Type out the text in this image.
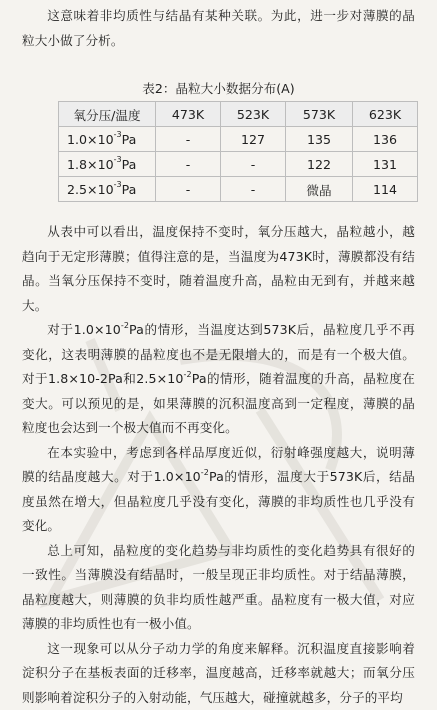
这意味着非均质性与结晶有某种关联。为此，进一步对薄膜的晶粒大小做了分析。

表2：晶粒大小数据分布(A)
氧分压/温度	473K	523K	573K	623K
$1.0\times 10^{-3}Pa$	-	127	135	136
$1.8\times 10^{-3}Pa$	-	-	122	131
$2.5\times 10^{-3}Pa$	-	-	微晶	114

从表中可以看出，温度保持不变时，氧分压越大，晶粒越小，越趋向于无定形薄膜；值得注意的是，当温度为473K时，薄膜都没有结晶。当氧分压保持不变时，随着温度升高，晶粒由无到有，并越来越大。

对于$1.0\times 10^{-2}Pa$的情形，当温度达到573K后，晶粒度几乎不再变化，这表明薄膜的晶粒度也不是无限增大的，而是有一个极大值。对于1.8×10-2Pa和$2.5\times 10^{-2}Pa$的情形，随着温度的升高，晶粒度在变大。可以预见的是，如果薄膜的沉积温度高到一定程度，薄膜的晶粒度也会达到一个极大值而不再变化。

在本实验中，考虑到各样品厚度近似，衍射峰强度越大，说明薄膜的结晶度越大。对于$1.0\times 10^{-2}Pa$的情形，温度大于573K后，结晶度虽然在增大，但晶粒度几乎没有变化，薄膜的非均质性也几乎没有变化。

总上可知，晶粒度的变化趋势与非均质性的变化趋势具有很好的一致性。当薄膜没有结晶时，一般呈现正非均质性。对于结晶薄膜，晶粒度越大，则薄膜的负非均质性越严重。晶粒度有一极大值，对应薄膜的非均质性也有一极小值。

这一现象可以从分子动力学的角度来解释。沉积温度直接影响着淀积分子在基板表面的迁移率，温度越高，迁移率就越大；而氧分压则影响着淀积分子的入射动能，气压越大，碰撞就越多，分子的平均
